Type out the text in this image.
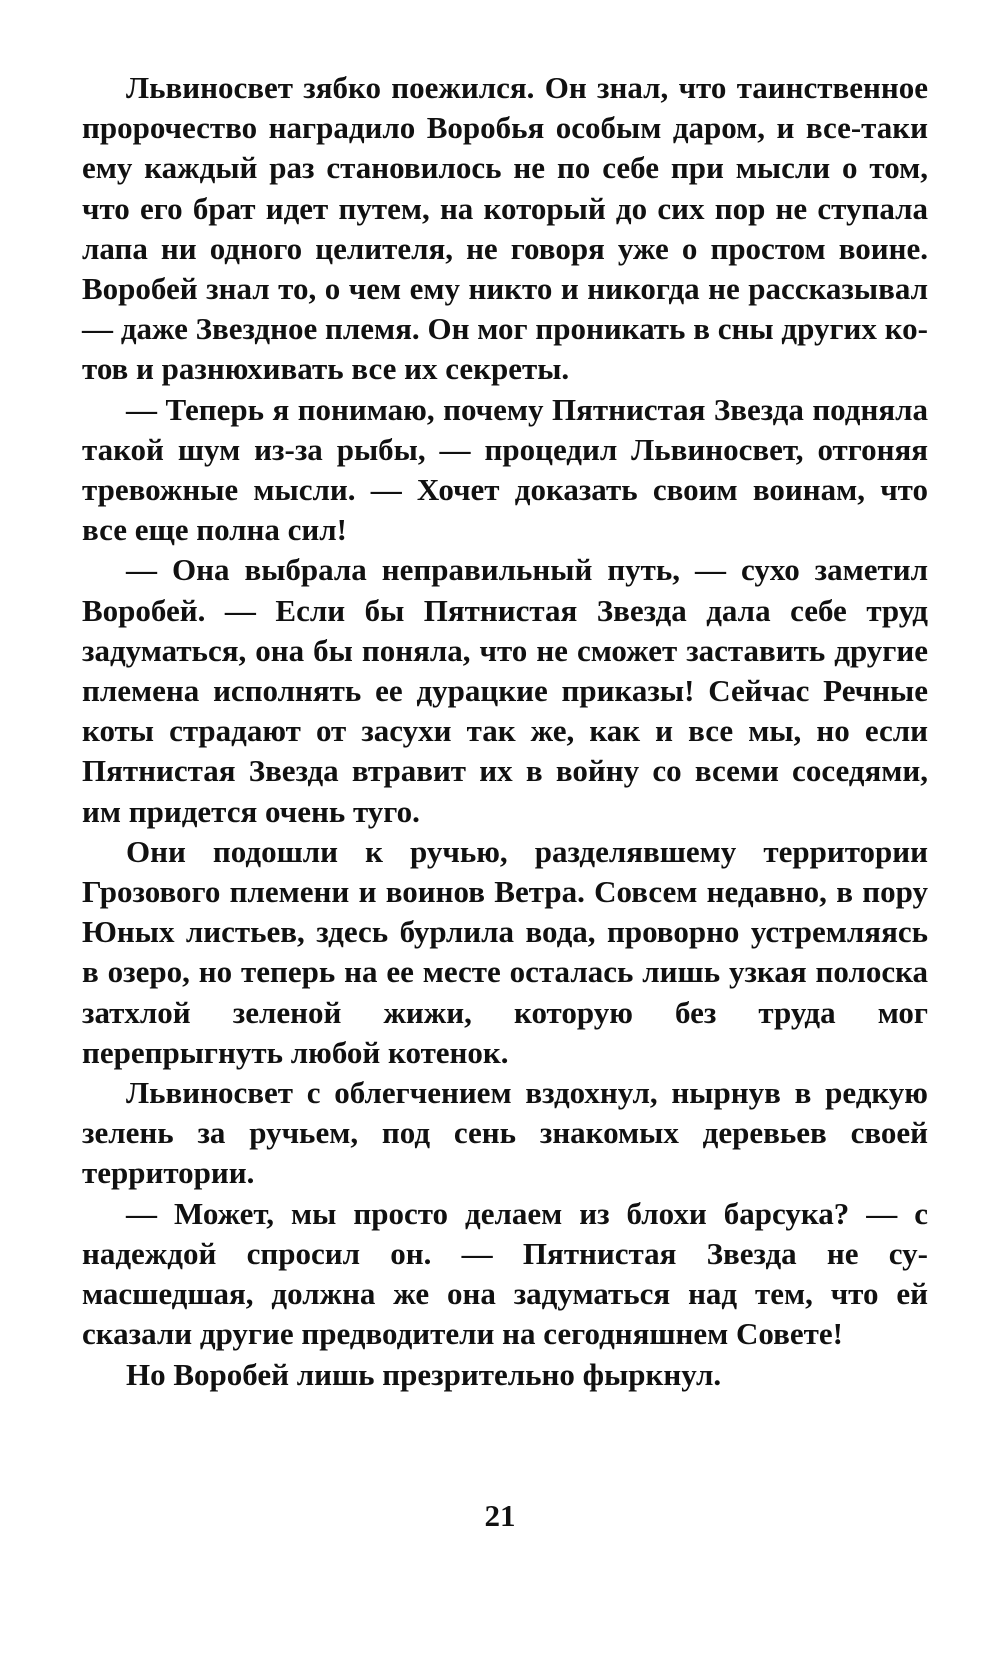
Львиносвет зябко поежился. Он знал, что таинственное пророчество наградило Воробья особым даром, и все-таки ему каждый раз становилось не по себе при мысли о том, что его брат идет путем, на который до сих пор не ступала лапа ни одного целителя, не говоря уже о простом воине. Воробей знал то, о чем ему никто и никогда не рассказывал — даже Звездное племя. Он мог проникать в сны других котов и разнюхивать все их секреты.

— Теперь я понимаю, почему Пятнистая Звезда подняла такой шум из-за рыбы, — процедил Львиносвет, отгоняя тревожные мысли. — Хочет доказать своим воинам, что все еще полна сил!

— Она выбрала неправильный путь, — сухо заметил Воробей. — Если бы Пятнистая Звезда дала себе труд задуматься, она бы поняла, что не сможет заставить другие племена исполнять ее дурацкие приказы! Сейчас Речные коты страдают от засухи так же, как и все мы, но если Пятнистая Звезда втравит их в войну со всеми соседями, им придется очень туго.

Они подошли к ручью, разделявшему территории Грозового племени и воинов Ветра. Совсем недавно, в пору Юных листьев, здесь бурлила вода, проворно устремляясь в озеро, но теперь на ее месте осталась лишь узкая полоска затхлой зеленой жижи, которую без труда мог перепрыгнуть любой котенок.

Львиносвет с облегчением вздохнул, нырнув в редкую зелень за ручьем, под сень знакомых деревьев своей территории.

— Может, мы просто делаем из блохи барсука? — с надеждой спросил он. — Пятнистая Звезда не сумасшедшая, должна же она задуматься над тем, что ей сказали другие предводители на сегодняшнем Совете!

Но Воробей лишь презрительно фыркнул.

21
